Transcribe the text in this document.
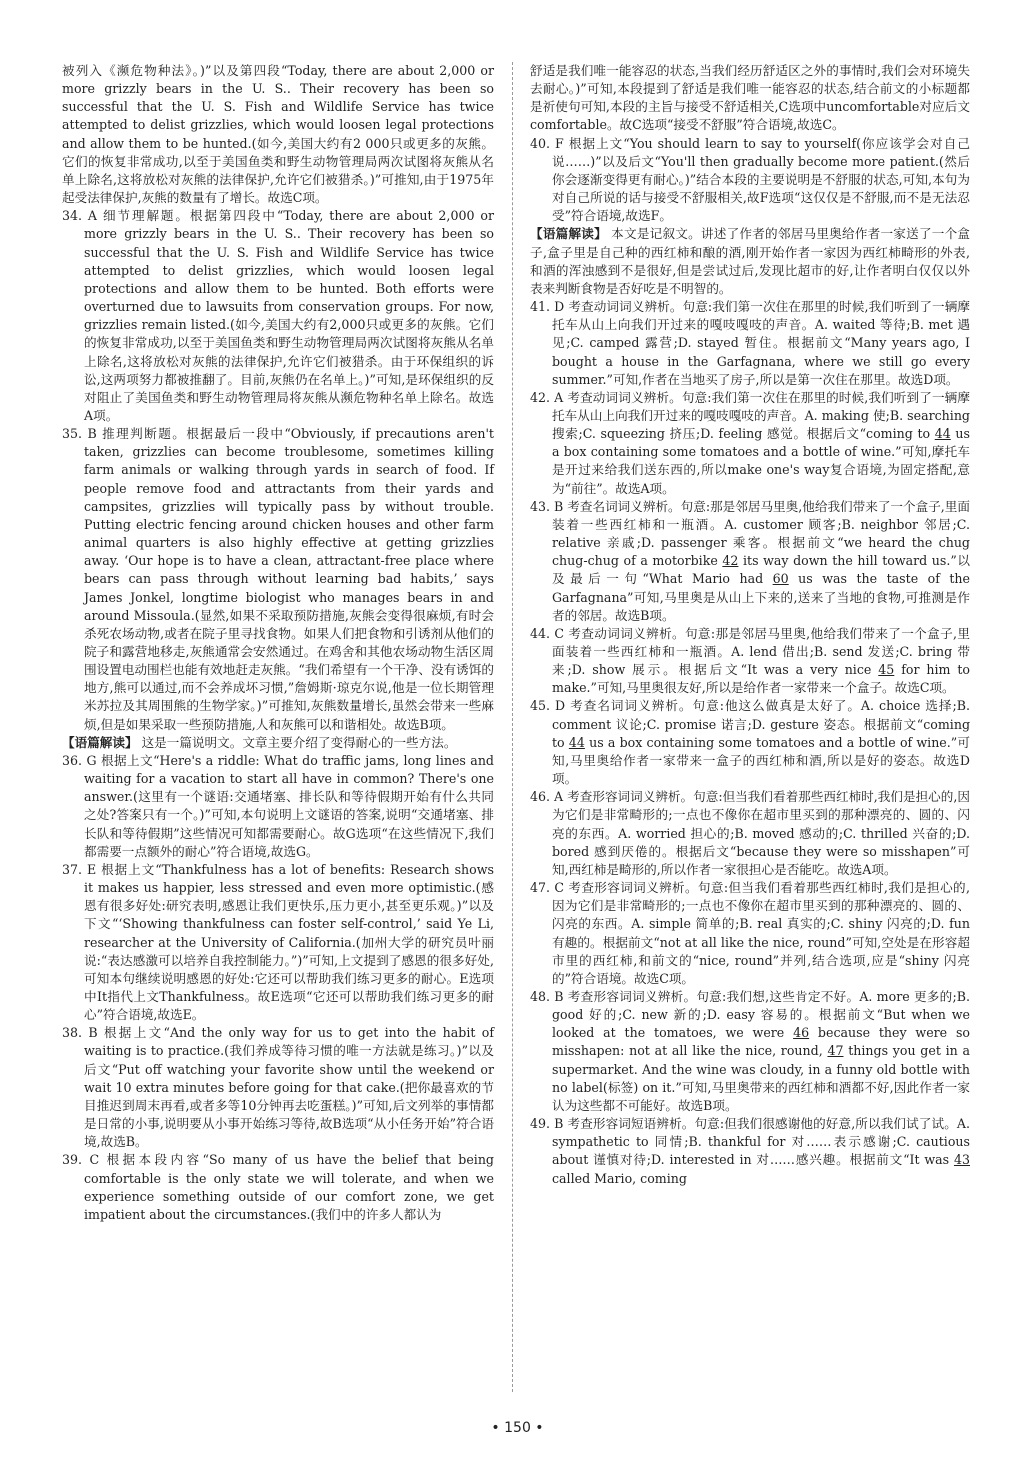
被列入《濒危物种法》。)”以及第四段“Today, there are about 2,000 or more grizzly bears in the U. S.. Their recovery has been so successful that the U. S. Fish and Wildlife Service has twice attempted to delist grizzlies, which would loosen legal protections and allow them to be hunted.(如今,美国大约有2 000只或更多的灰熊。它们的恢复非常成功,以至于美国鱼类和野生动物管理局两次试图将灰熊从名单上除名,这将放松对灰熊的法律保护,允许它们被猎杀。)”可推知,由于1975年起受法律保护,灰熊的数量有了增长。故选C项。

34. A 细节理解题。根据第四段中“Today, there are about 2,000 or more grizzly bears in the U. S.. Their recovery has been so successful that the U. S. Fish and Wildlife Service has twice attempted to delist grizzlies, which would loosen legal protections and allow them to be hunted. Both efforts were overturned due to lawsuits from conservation groups. For now, grizzlies remain listed.(如今,美国大约有2,000只或更多的灰熊。它们的恢复非常成功,以至于美国鱼类和野生动物管理局两次试图将灰熊从名单上除名,这将放松对灰熊的法律保护,允许它们被猎杀。由于环保组织的诉讼,这两项努力都被推翻了。目前,灰熊仍在名单上。)”可知,是环保组织的反对阻止了美国鱼类和野生动物管理局将灰熊从濒危物种名单上除名。故选A项。

35. B 推理判断题。根据最后一段中“Obviously, if precautions aren't taken, grizzlies can become troublesome, sometimes killing farm animals or walking through yards in search of food. If people remove food and attractants from their yards and campsites, grizzlies will typically pass by without trouble. Putting electric fencing around chicken houses and other farm animal quarters is also highly effective at getting grizzlies away. ‘Our hope is to have a clean, attractant-free place where bears can pass through without learning bad habits,’ says James Jonkel, longtime biologist who manages bears in and around Missoula.(显然,如果不采取预防措施,灰熊会变得很麻烦,有时会杀死农场动物,或者在院子里寻找食物。如果人们把食物和引诱剂从他们的院子和露营地移走,灰熊通常会安然通过。在鸡舍和其他农场动物生活区周围设置电动围栏也能有效地赶走灰熊。“我们希望有一个干净、没有诱饵的地方,熊可以通过,而不会养成坏习惯,”詹姆斯·琼克尔说,他是一位长期管理米苏拉及其周围熊的生物学家。)”可推知,灰熊数量增长,虽然会带来一些麻烦,但是如果采取一些预防措施,人和灰熊可以和谐相处。故选B项。

【语篇解读】 这是一篇说明文。文章主要介绍了变得耐心的一些方法。

36. G 根据上文“Here's a riddle: What do traffic jams, long lines and waiting for a vacation to start all have in common? There's one answer.(这里有一个谜语:交通堵塞、排长队和等待假期开始有什么共同之处?答案只有一个。)”可知,本句说明上文谜语的答案,说明“交通堵塞、排长队和等待假期”这些情况可知都需要耐心。故G选项“在这些情况下,我们都需要一点额外的耐心”符合语境,故选G。

37. E 根据上文“Thankfulness has a lot of benefits: Research shows it makes us happier, less stressed and even more optimistic.(感恩有很多好处:研究表明,感恩让我们更快乐,压力更小,甚至更乐观。)”以及下文“‘Showing thankfulness can foster self-control,’ said Ye Li, researcher at the University of California.(加州大学的研究员叶丽说:“表达感激可以培养自我控制能力。”)”可知,上文提到了感恩的很多好处,可知本句继续说明感恩的好处:它还可以帮助我们练习更多的耐心。E选项中It指代上文Thankfulness。故E选项“它还可以帮助我们练习更多的耐心”符合语境,故选E。

38. B 根据上文“And the only way for us to get into the habit of waiting is to practice.(我们养成等待习惯的唯一方法就是练习。)”以及后文“Put off watching your favorite show until the weekend or wait 10 extra minutes before going for that cake.(把你最喜欢的节目推迟到周末再看,或者多等10分钟再去吃蛋糕。)”可知,后文列举的事情都是日常的小事,说明要从小事开始练习等待,故B选项“从小任务开始”符合语境,故选B。

39. C 根据本段内容“So many of us have the belief that being comfortable is the only state we will tolerate, and when we experience something outside of our comfort zone, we get impatient about the circumstances.(我们中的许多人都认为

舒适是我们唯一能容忍的状态,当我们经历舒适区之外的事情时,我们会对环境失去耐心。)”可知,本段提到了舒适是我们唯一能容忍的状态,结合前文的小标题都是祈使句可知,本段的主旨与接受不舒适相关,C选项中uncomfortable对应后文comfortable。故C选项“接受不舒服”符合语境,故选C。

40. F 根据上文“You should learn to say to yourself(你应该学会对自己说……)”以及后文“You'll then gradually become more patient.(然后你会逐渐变得更有耐心。)”结合本段的主要说明是不舒服的状态,可知,本句为对自己所说的话与接受不舒服相关,故F选项“这仅仅是不舒服,而不是无法忍受”符合语境,故选F。

【语篇解读】 本文是记叙文。讲述了作者的邻居马里奥给作者一家送了一个盒子,盒子里是自己种的西红柿和酿的酒,刚开始作者一家因为西红柿畸形的外表,和酒的浑浊感到不是很好,但是尝试过后,发现比超市的好,让作者明白仅仅以外表来判断食物是否好吃是不明智的。

41. D 考查动词词义辨析。句意:我们第一次住在那里的时候,我们听到了一辆摩托车从山上向我们开过来的嘎吱嘎吱的声音。A. waited 等待;B. met 遇见;C. camped 露营;D. stayed 暂住。根据前文“Many years ago, I bought a house in the Garfagnana, where we still go every summer.”可知,作者在当地买了房子,所以是第一次住在那里。故选D项。

42. A 考查动词词义辨析。句意:我们第一次住在那里的时候,我们听到了一辆摩托车从山上向我们开过来的嘎吱嘎吱的声音。A. making 使;B. searching 搜索;C. squeezing 挤压;D. feeling 感觉。根据后文“coming to 44 us a box containing some tomatoes and a bottle of wine.”可知,摩托车是开过来给我们送东西的,所以make one's way复合语境,为固定搭配,意为“前往”。故选A项。

43. B 考查名词词义辨析。句意:那是邻居马里奥,他给我们带来了一个盒子,里面装着一些西红柿和一瓶酒。A. customer 顾客;B. neighbor 邻居;C. relative 亲戚;D. passenger 乘客。根据前文“we heard the chug chug-chug of a motorbike 42 its way down the hill toward us.”以及最后一句“What Mario had 60 us was the taste of the Garfagnana”可知,马里奥是从山上下来的,送来了当地的食物,可推测是作者的邻居。故选B项。

44. C 考查动词词义辨析。句意:那是邻居马里奥,他给我们带来了一个盒子,里面装着一些西红柿和一瓶酒。A. lend 借出;B. send 发送;C. bring 带来;D. show 展示。根据后文“It was a very nice 45 for him to make.”可知,马里奥很友好,所以是给作者一家带来一个盒子。故选C项。

45. D 考查名词词义辨析。句意:他这么做真是太好了。A. choice 选择;B. comment 议论;C. promise 诺言;D. gesture 姿态。根据前文“coming to 44 us a box containing some tomatoes and a bottle of wine.”可知,马里奥给作者一家带来一盒子的西红柿和酒,所以是好的姿态。故选D项。

46. A 考查形容词词义辨析。句意:但当我们看着那些西红柿时,我们是担心的,因为它们是非常畸形的;一点也不像你在超市里买到的那种漂亮的、圆的、闪亮的东西。A. worried 担心的;B. moved 感动的;C. thrilled 兴奋的;D. bored 感到厌倦的。根据后文“because they were so misshapen”可知,西红柿是畸形的,所以作者一家很担心是否能吃。故选A项。

47. C 考查形容词词义辨析。句意:但当我们看着那些西红柿时,我们是担心的,因为它们是非常畸形的;一点也不像你在超市里买到的那种漂亮的、圆的、闪亮的东西。A. simple 简单的;B. real 真实的;C. shiny 闪亮的;D. fun 有趣的。根据前文“not at all like the nice, round”可知,空处是在形容超市里的西红柿,和前文的“nice, round”并列,结合选项,应是“shiny 闪亮的”符合语境。故选C项。

48. B 考查形容词词义辨析。句意:我们想,这些肯定不好。A. more 更多的;B. good 好的;C. new 新的;D. easy 容易的。根据前文“But when we looked at the tomatoes, we were 46 because they were so misshapen: not at all like the nice, round, 47 things you get in a supermarket. And the wine was cloudy, in a funny old bottle with no label(标签) on it.”可知,马里奥带来的西红柿和酒都不好,因此作者一家认为这些都不可能好。故选B项。

49. B 考查形容词短语辨析。句意:但我们很感谢他的好意,所以我们试了试。A. sympathetic to 同情;B. thankful for 对……表示感谢;C. cautious about 谨慎对待;D. interested in 对……感兴趣。根据前文“It was 43 called Mario, coming

• 150 •
